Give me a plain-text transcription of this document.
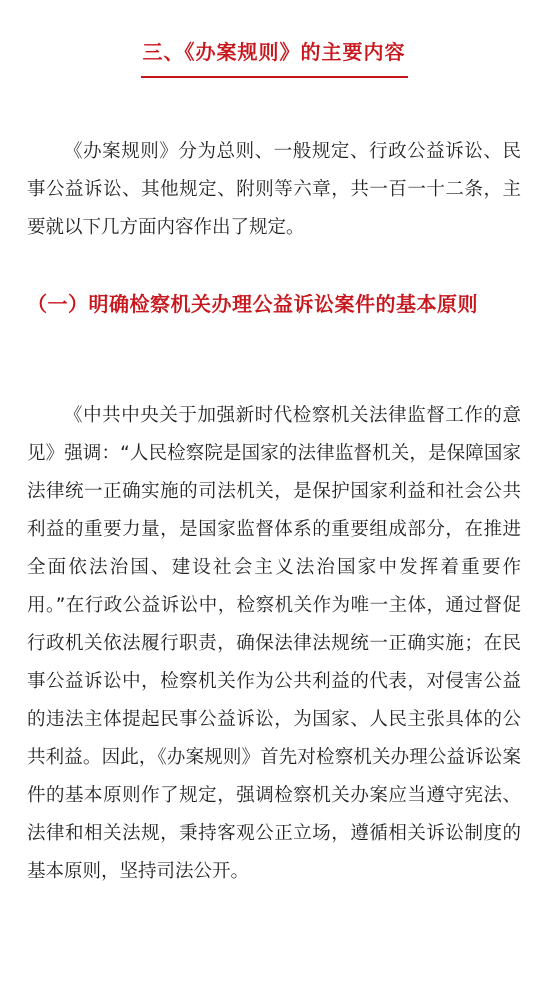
三、《办案规则》的主要内容

《办案规则》分为总则、一般规定、行政公益诉讼、民事公益诉讼、其他规定、附则等六章，共一百一十二条，主要就以下几方面内容作出了规定。

（一）明确检察机关办理公益诉讼案件的基本原则

《中共中央关于加强新时代检察机关法律监督工作的意见》强调：“人民检察院是国家的法律监督机关，是保障国家法律统一正确实施的司法机关，是保护国家利益和社会公共利益的重要力量，是国家监督体系的重要组成部分，在推进全面依法治国、建设社会主义法治国家中发挥着重要作用。”在行政公益诉讼中，检察机关作为唯一主体，通过督促行政机关依法履行职责，确保法律法规统一正确实施；在民事公益诉讼中，检察机关作为公共利益的代表，对侵害公益的违法主体提起民事公益诉讼，为国家、人民主张具体的公共利益。因此，《办案规则》首先对检察机关办理公益诉讼案件的基本原则作了规定，强调检察机关办案应当遵守宪法、法律和相关法规，秉持客观公正立场，遵循相关诉讼制度的基本原则，坚持司法公开。
